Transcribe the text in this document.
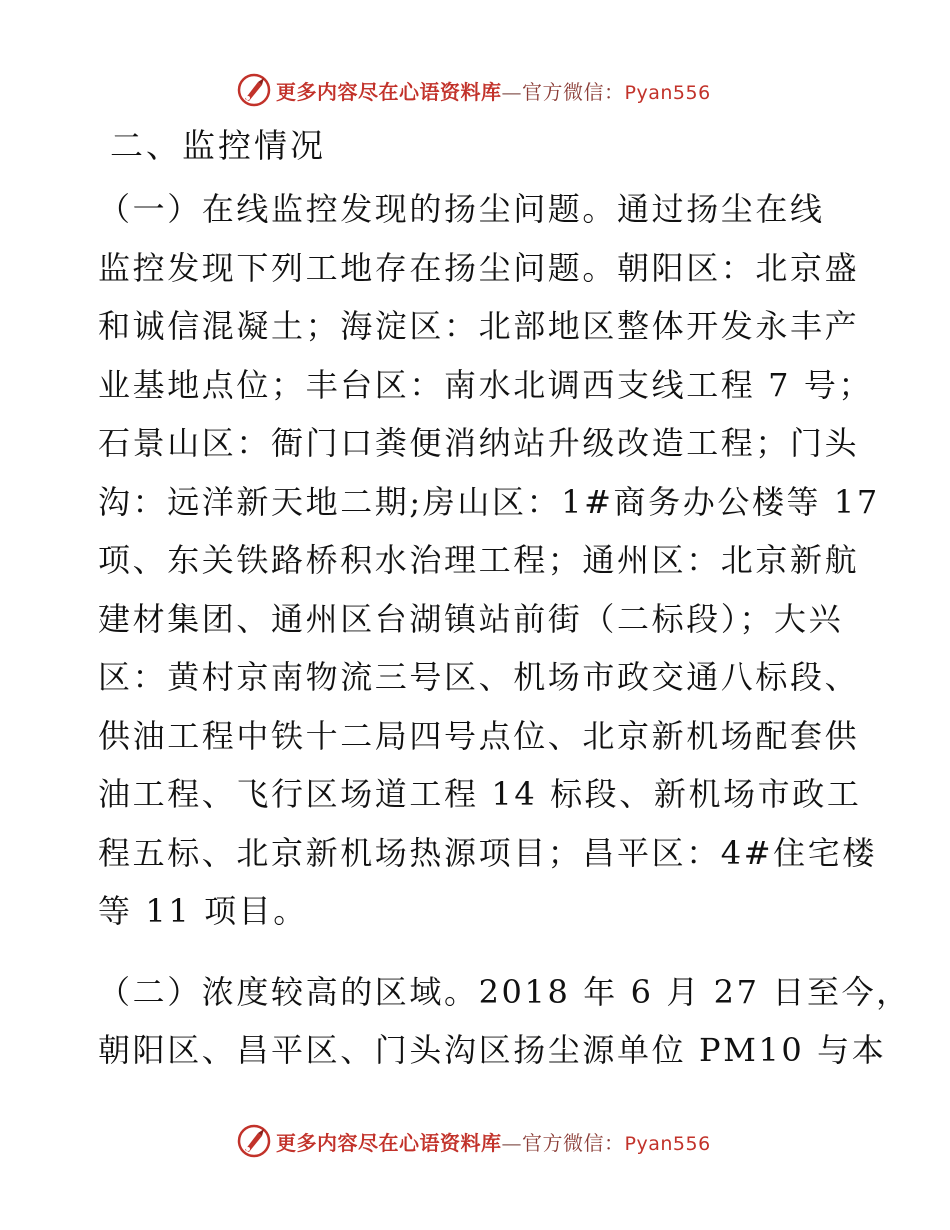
更多内容尽在心语资料库—官方微信：Pyan556
二、监控情况

（一）在线监控发现的扬尘问题。通过扬尘在线
监控发现下列工地存在扬尘问题。朝阳区：北京盛
和诚信混凝土；海淀区：北部地区整体开发永丰产
业基地点位；丰台区：南水北调西支线工程 7 号；
石景山区：衙门口粪便消纳站升级改造工程；门头
沟：远洋新天地二期;房山区：1#商务办公楼等 17
项、东关铁路桥积水治理工程；通州区：北京新航
建材集团、通州区台湖镇站前街（二标段）；大兴
区：黄村京南物流三号区、机场市政交通八标段、
供油工程中铁十二局四号点位、北京新机场配套供
油工程、飞行区场道工程 14 标段、新机场市政工
程五标、北京新机场热源项目；昌平区：4#住宅楼
等 11 项目。

（二）浓度较高的区域。2018 年 6 月 27 日至今，
朝阳区、昌平区、门头沟区扬尘源单位 PM10 与本

更多内容尽在心语资料库—官方微信：Pyan556
